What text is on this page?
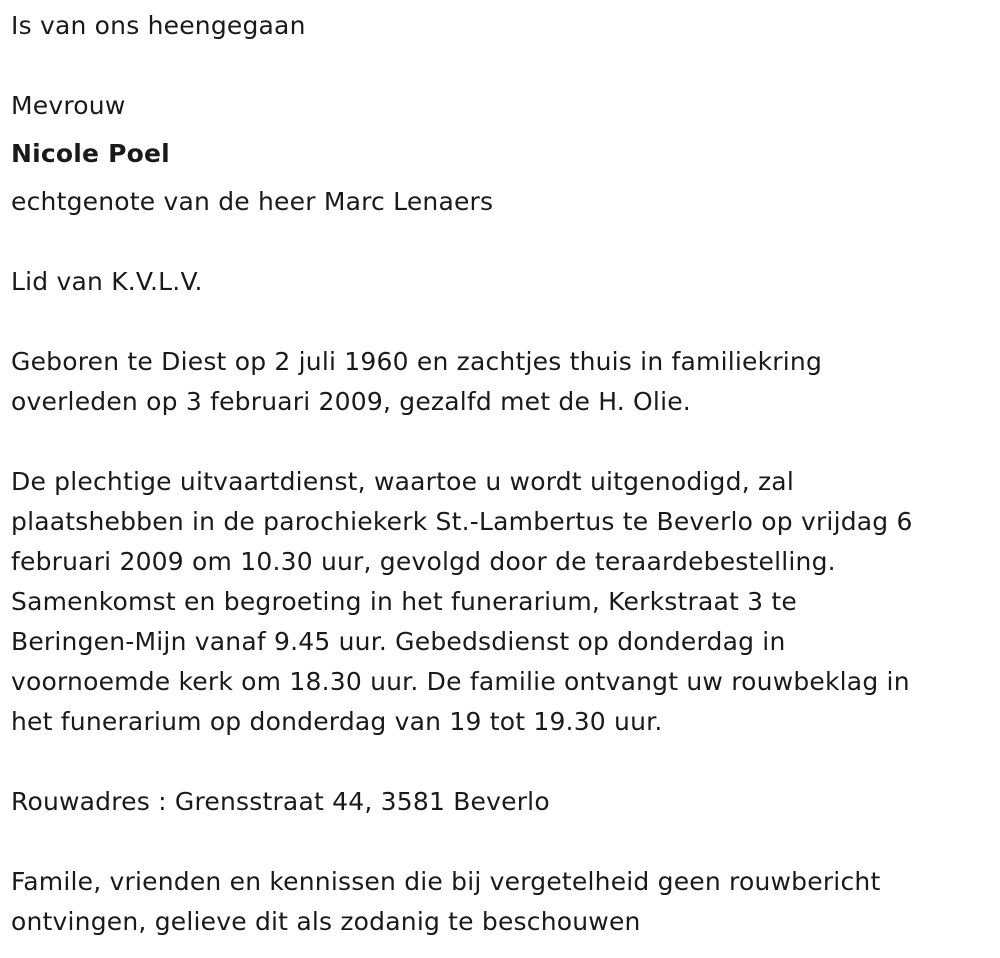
Is van ons heengegaan
Mevrouw
Nicole Poel
echtgenote van de heer Marc Lenaers
Lid van K.V.L.V.
Geboren te Diest op 2 juli 1960 en zachtjes thuis in familiekring
overleden op 3 februari 2009, gezalfd met de H. Olie.
De plechtige uitvaartdienst, waartoe u wordt uitgenodigd, zal
plaatshebben in de parochiekerk St.-Lambertus te Beverlo op vrijdag 6
februari 2009 om 10.30 uur, gevolgd door de teraardebestelling.
Samenkomst en begroeting in het funerarium, Kerkstraat 3 te
Beringen-Mijn vanaf 9.45 uur. Gebedsdienst op donderdag in
voornoemde kerk om 18.30 uur. De familie ontvangt uw rouwbeklag in
het funerarium op donderdag van 19 tot 19.30 uur.
Rouwadres : Grensstraat 44, 3581 Beverlo
Famile, vrienden en kennissen die bij vergetelheid geen rouwbericht
ontvingen, gelieve dit als zodanig te beschouwen
